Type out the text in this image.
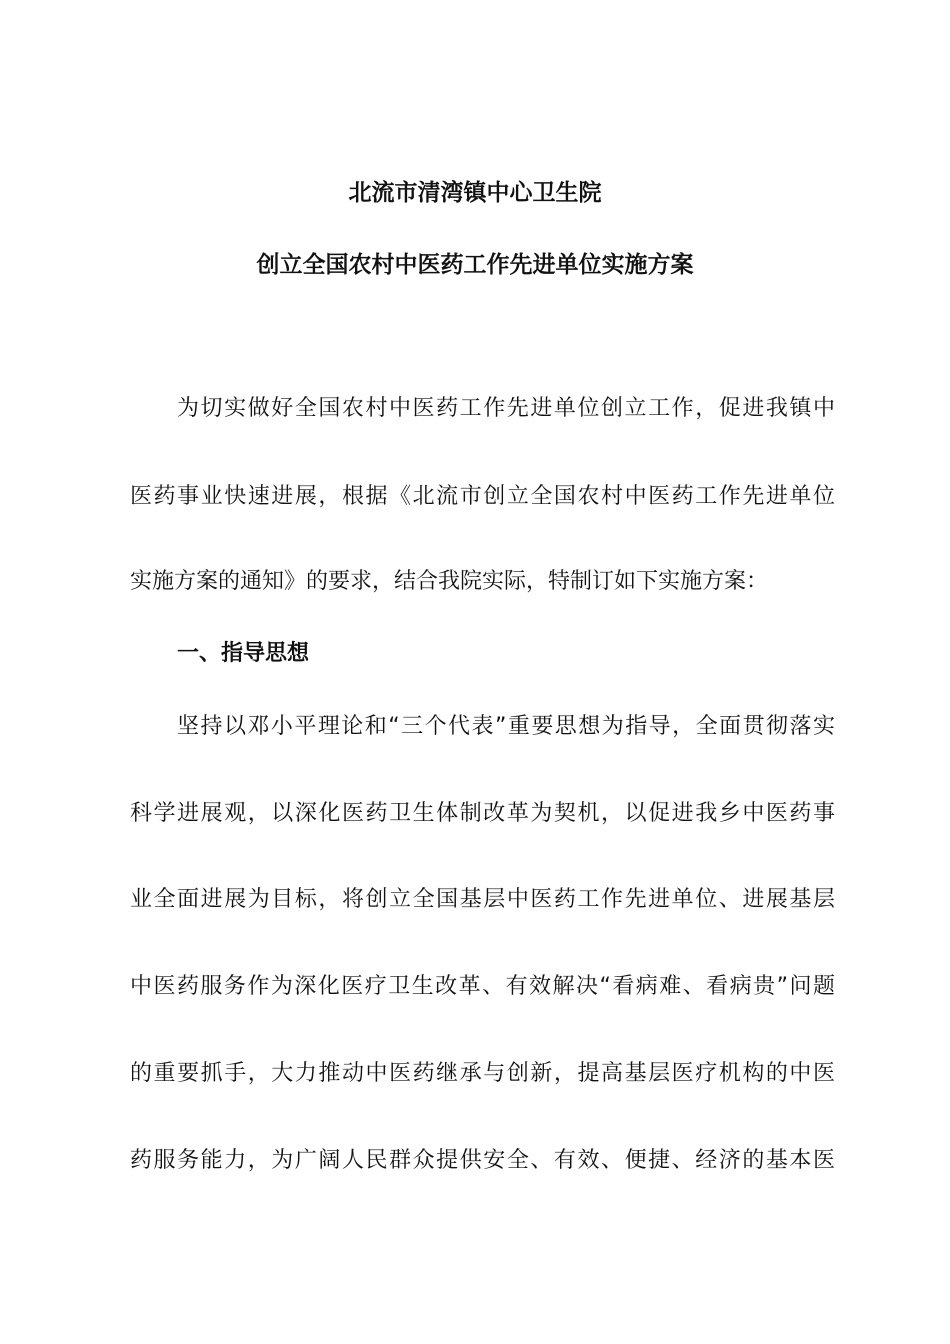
北流市清湾镇中心卫生院
创立全国农村中医药工作先进单位实施方案
为切实做好全国农村中医药工作先进单位创立工作，促进我镇中
医药事业快速进展，根据《北流市创立全国农村中医药工作先进单位
实施方案的通知》的要求，结合我院实际，特制订如下实施方案：
一、指导思想
坚持以邓小平理论和“三个代表”重要思想为指导，全面贯彻落实
科学进展观，以深化医药卫生体制改革为契机，以促进我乡中医药事
业全面进展为目标，将创立全国基层中医药工作先进单位、进展基层
中医药服务作为深化医疗卫生改革、有效解决“看病难、看病贵”问题
的重要抓手，大力推动中医药继承与创新，提高基层医疗机构的中医
药服务能力，为广阔人民群众提供安全、有效、便捷、经济的基本医
